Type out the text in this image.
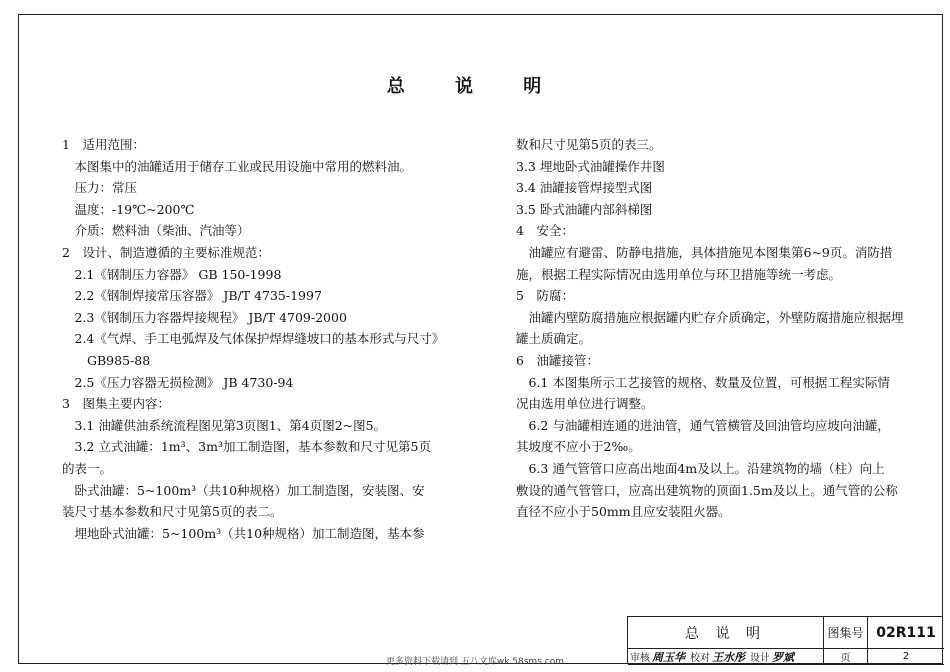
总 说 明
1　适用范围：
　本图集中的油罐适用于储存工业或民用设施中常用的燃料油。
　压力：常压
　温度：-19℃~200℃
　介质：燃料油（柴油、汽油等）
2　设计、制造遵循的主要标准规范：
　2.1《钢制压力容器》 GB 150-1998
　2.2《钢制焊接常压容器》 JB/T 4735-1997
　2.3《钢制压力容器焊接规程》 JB/T 4709-2000
　2.4《气焊、手工电弧焊及气体保护焊焊缝坡口的基本形式与尺寸》
　　GB985-88
　2.5《压力容器无损检测》 JB 4730-94
3　图集主要内容：
　3.1 油罐供油系统流程图见第3页图1、第4页图2~图5。
　3.2 立式油罐：1m³、3m³加工制造图，基本参数和尺寸见第5页
的表一。
　卧式油罐：5~100m³（共10种规格）加工制造图，安装图、安
装尺寸基本参数和尺寸见第5页的表二。
　埋地卧式油罐：5~100m³（共10种规格）加工制造图，基本参
数和尺寸见第5页的表三。
3.3 埋地卧式油罐操作井图
3.4 油罐接管焊接型式图
3.5 卧式油罐内部斜梯图
4　安全：
　油罐应有避雷、防静电措施，具体措施见本图集第6~9页。消防措
施，根据工程实际情况由选用单位与环卫措施等统一考虑。
5　防腐：
　油罐内壁防腐措施应根据罐内贮存介质确定，外壁防腐措施应根据埋
罐土质确定。
6　油罐接管：
　6.1 本图集所示工艺接管的规格、数量及位置，可根据工程实际情
况由选用单位进行调整。
　6.2 与油罐相连通的进油管，通气管横管及回油管均应坡向油罐，
其坡度不应小于2‰。
　6.3 通气管管口应高出地面4m及以上。沿建筑物的墙（柱）向上
敷设的通气管管口，应高出建筑物的顶面1.5m及以上。通气管的公称
直径不应小于50mm且应安装阻火器。
总 说 明	图集号 02R111
审核 周玉华 校对 王水彤 设计 罗斌	页	2
更多资料下载请到 五八文库wk.58sms.com
